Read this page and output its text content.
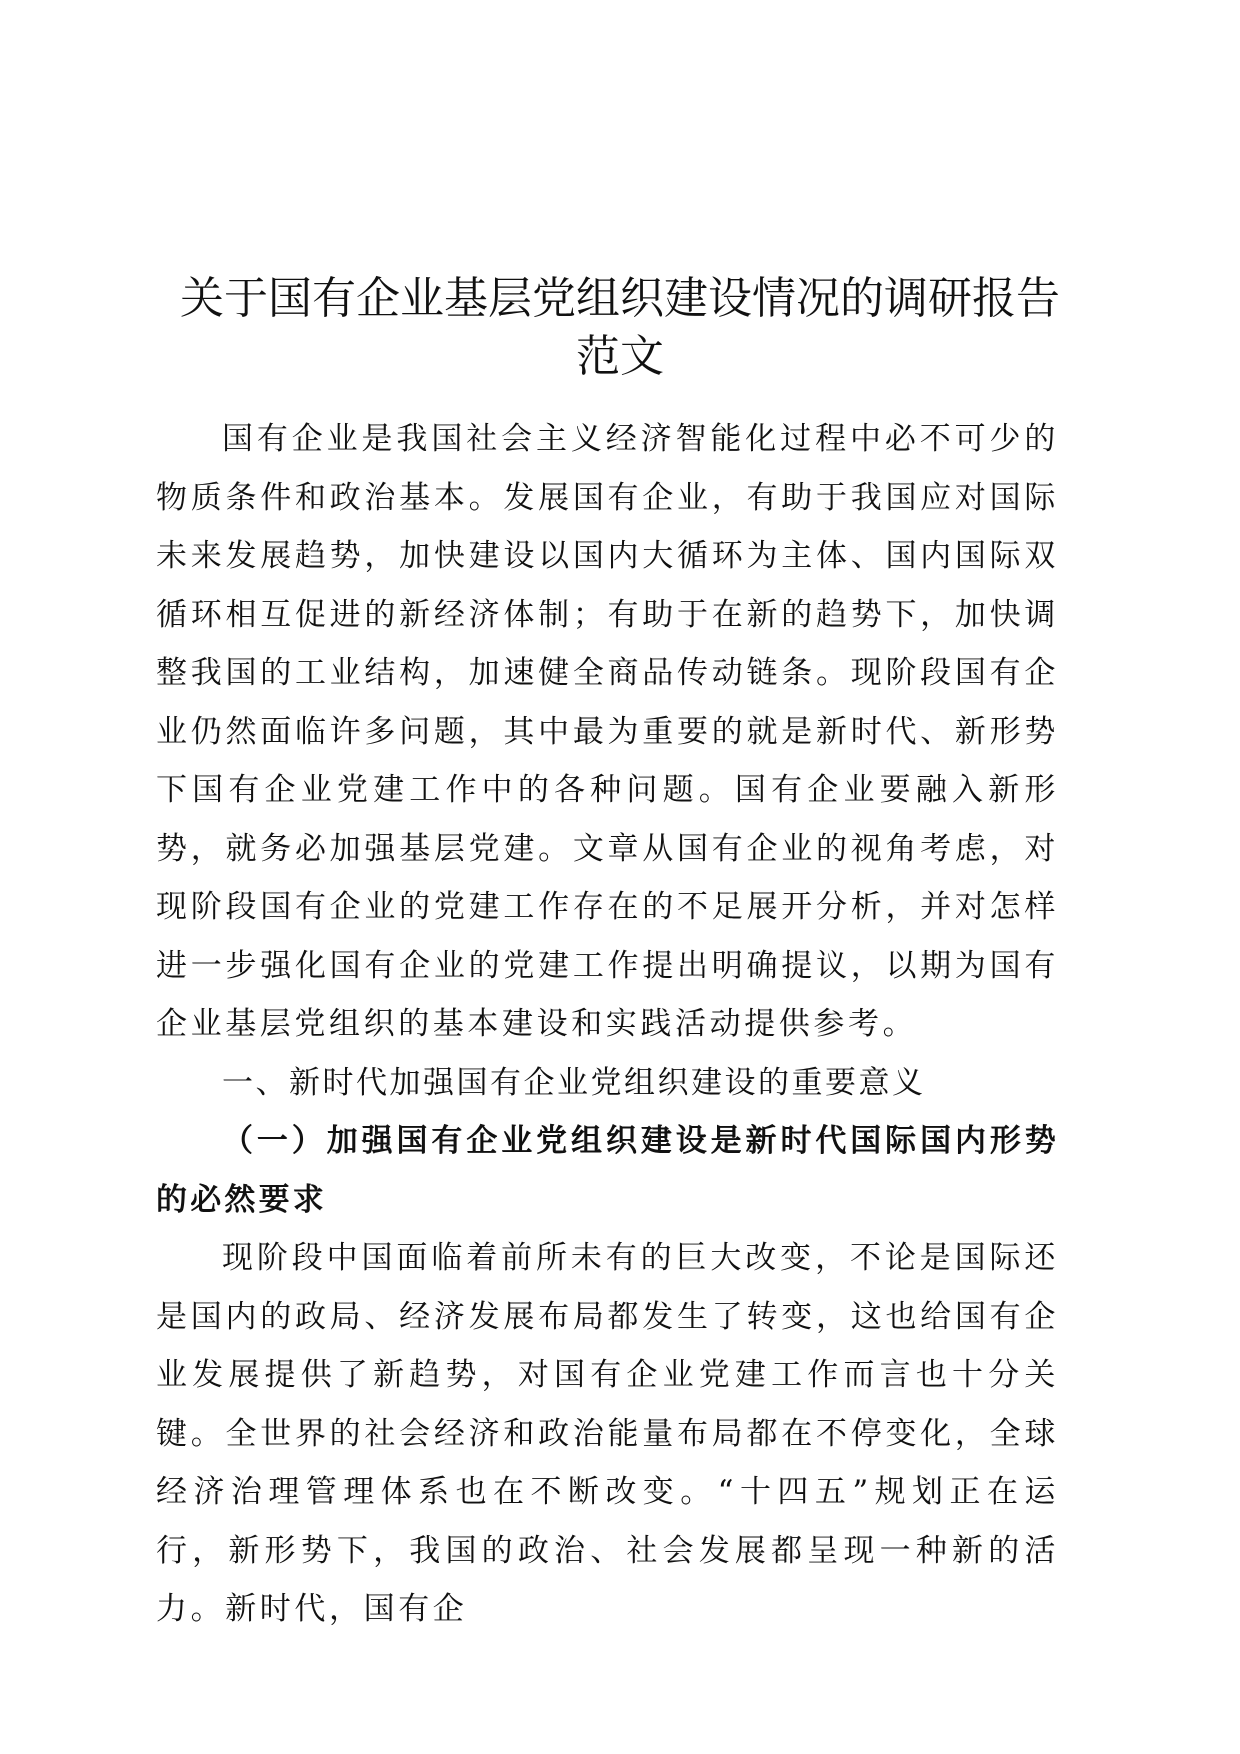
关于国有企业基层党组织建设情况的调研报告
范文

国有企业是我国社会主义经济智能化过程中必不可少的物质条件和政治基本。发展国有企业，有助于我国应对国际未来发展趋势，加快建设以国内大循环为主体、国内国际双循环相互促进的新经济体制；有助于在新的趋势下，加快调整我国的工业结构，加速健全商品传动链条。现阶段国有企业仍然面临许多问题，其中最为重要的就是新时代、新形势下国有企业党建工作中的各种问题。国有企业要融入新形势，就务必加强基层党建。文章从国有企业的视角考虑，对现阶段国有企业的党建工作存在的不足展开分析，并对怎样进一步强化国有企业的党建工作提出明确提议，以期为国有企业基层党组织的基本建设和实践活动提供参考。

一、新时代加强国有企业党组织建设的重要意义
（一）加强国有企业党组织建设是新时代国际国内形势的必然要求

现阶段中国面临着前所未有的巨大改变，不论是国际还是国内的政局、经济发展布局都发生了转变，这也给国有企业发展提供了新趋势，对国有企业党建工作而言也十分关键。全世界的社会经济和政治能量布局都在不停变化，全球经济治理管理体系也在不断改变。“十四五”规划正在运行，新形势下，我国的政治、社会发展都呈现一种新的活力。新时代，国有企
